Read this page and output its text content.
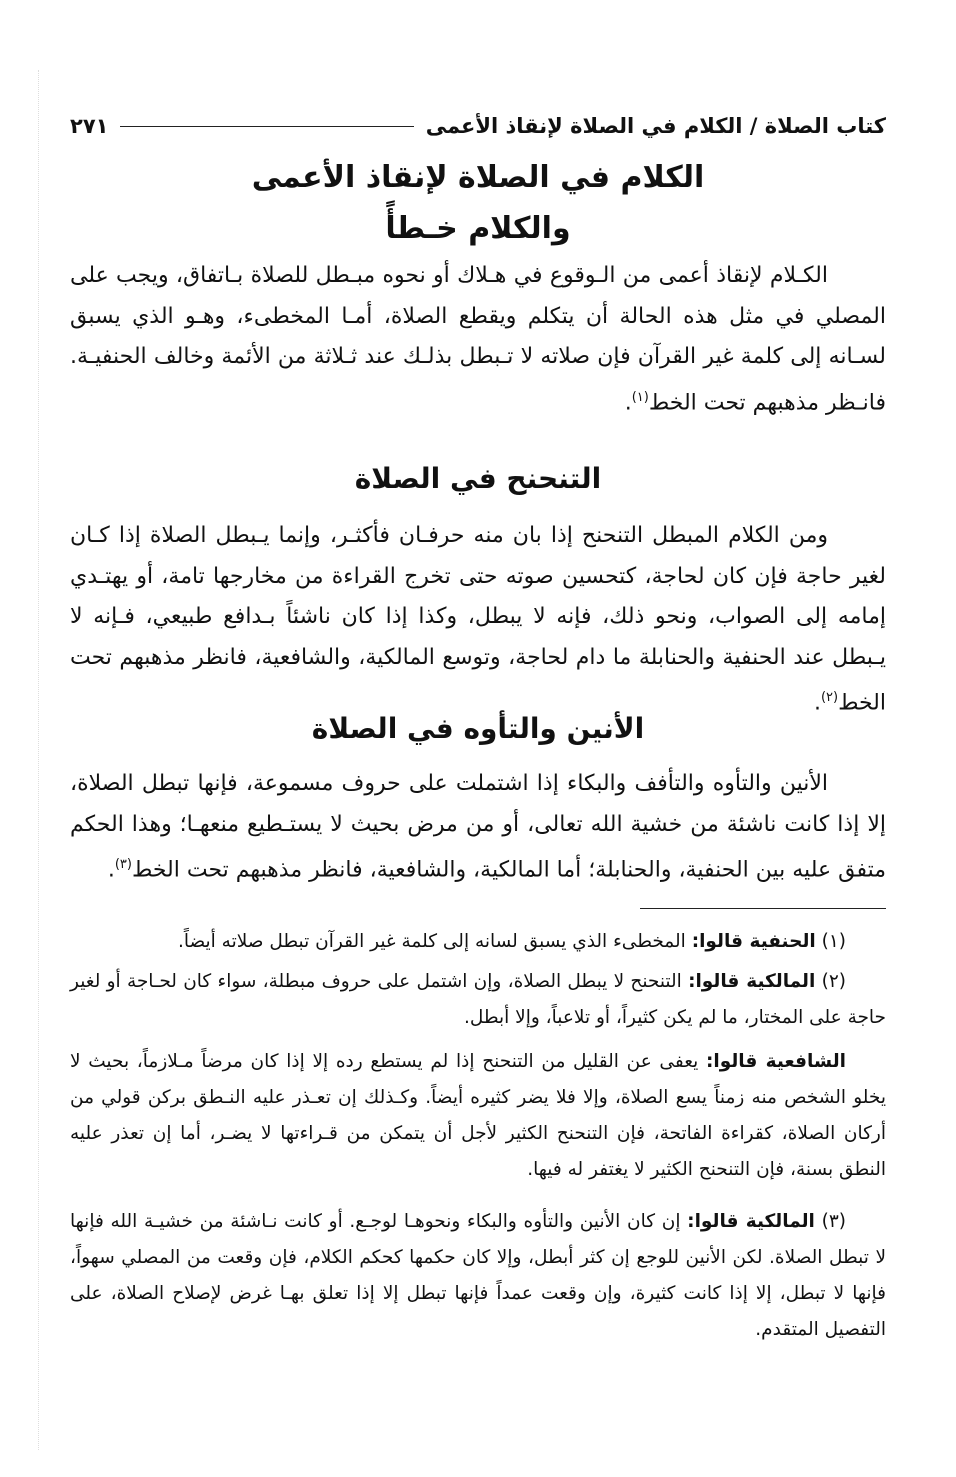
كتاب الصلاة / الكلام في الصلاة لإنقاذ الأعمى
٢٧١
الكلام في الصلاة لإنقاذ الأعمى
والكلام خـطأً
الكـلام لإنقاذ أعمى من الـوقوع في هـلاك أو نحوه مبـطل للصلاة بـاتفاق، ويجب على المصلي في مثل هذه الحالة أن يتكلم ويقطع الصلاة، أمـا المخطىء، وهـو الذي يسبق لسـانه إلى كلمة غير القرآن فإن صلاته لا تـبطل بذلـك عند ثـلاثة من الأئمة وخالف الحنفيـة. فانـظر مذهبهم تحت الخط$^{(١)}$.
التنحنح في الصلاة
ومن الكلام المبطل التنحنح إذا بان منه حرفـان فأكثـر، وإنما يـبطل الصلاة إذا كـان لغير حاجة فإن كان لحاجة، كتحسين صوته حتى تخرج القراءة من مخارجها تامة، أو يهتـدي إمامه إلى الصواب، ونحو ذلك، فإنه لا يبطل، وكذا إذا كان ناشئاً بـدافع طبيعي، فـإنه لا يـبطل عند الحنفية والحنابلة ما دام لحاجة، وتوسع المالكية، والشافعية، فانظر مذهبهم تحت الخط$^{(٢)}$.
الأنين والتأوه في الصلاة
الأنين والتأوه والتأفف والبكاء إذا اشتملت على حروف مسموعة، فإنها تبطل الصلاة، إلا إذا كانت ناشئة من خشية الله تعالى، أو من مرض بحيث لا يستـطيع منعهـا؛ وهذا الحكم متفق عليه بين الحنفية، والحنابلة؛ أما المالكية، والشافعية، فانظر مذهبهم تحت الخط$^{(٣)}$.
(١) الحنفية قالوا: المخطىء الذي يسبق لسانه إلى كلمة غير القرآن تبطل صلاته أيضاً.
(٢) المالكية قالوا: التنحنح لا يبطل الصلاة، وإن اشتمل على حروف مبطلة، سواء كان لحـاجة أو لغير حاجة على المختار، ما لم يكن كثيراً، أو تلاعباً، وإلا أبطل.
الشافعية قالوا: يعفى عن القليل من التنحنح إذا لم يستطع رده إلا إذا كان مرضاً مـلازماً، بحيث لا يخلو الشخص منه زمناً يسع الصلاة، وإلا فلا يضر كثيره أيضاً. وكـذلك إن تعـذر عليه النـطق بركن قولي من أركان الصلاة، كقراءة الفاتحة، فإن التنحنح الكثير لأجل أن يتمكن من قـراءتها لا يضـر، أما إن تعذر عليه النطق بسنة، فإن التنحنح الكثير لا يغتفر له فيها.
(٣) المالكية قالوا: إن كان الأنين والتأوه والبكاء ونحوهـا لوجـع. أو كانت نـاشئة من خشيـة الله فإنها لا تبطل الصلاة. لكن الأنين للوجع إن كثر أبطل، وإلا كان حكمها كحكم الكلام، فإن وقعت من المصلي سهواً، فإنها لا تبطل، إلا إذا كانت كثيرة، وإن وقعت عمداً فإنها تبطل إلا إذا تعلق بهـا غرض لإصلاح الصلاة، على التفصيل المتقدم.
